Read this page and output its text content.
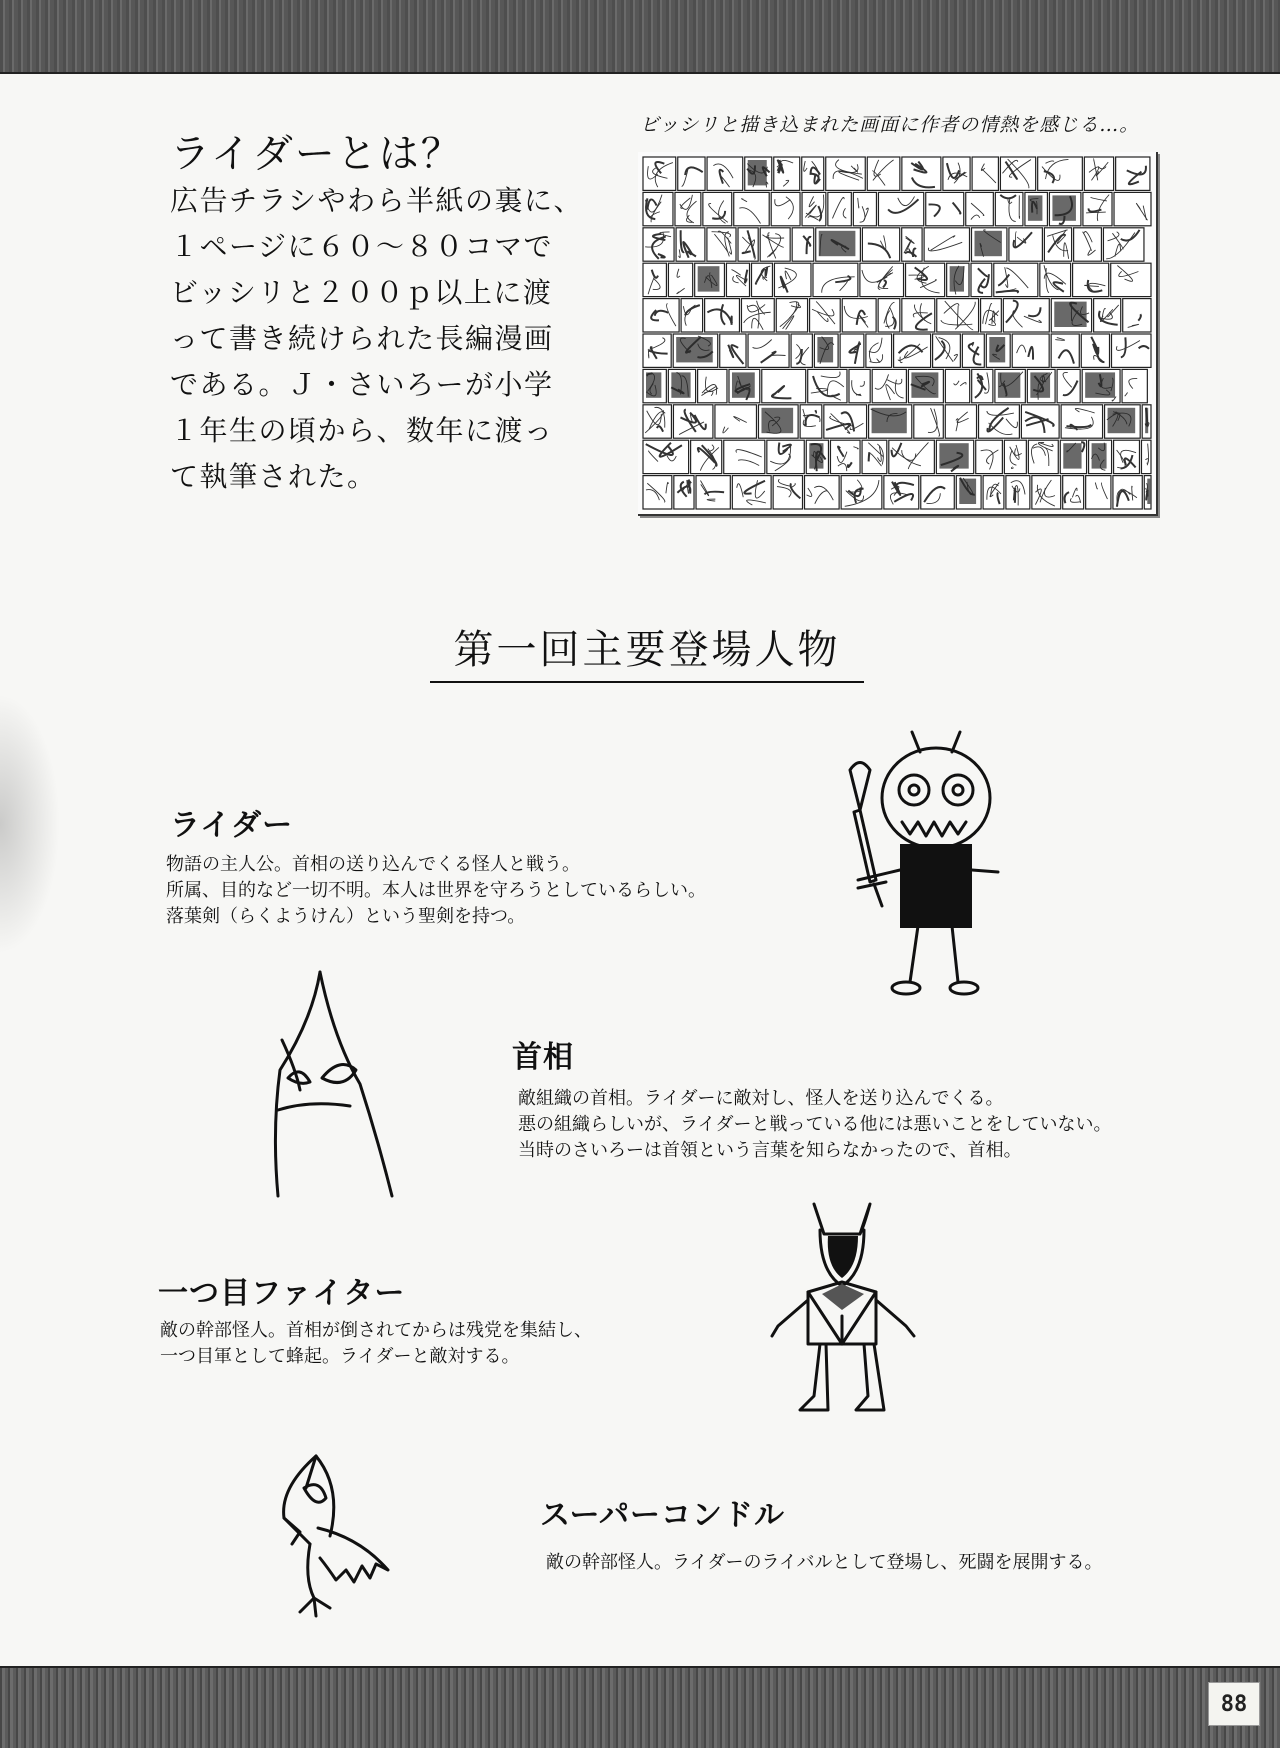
ライダーとは？
広告チラシやわら半紙の裏に、
１ページに６０〜８０コマで
ビッシリと２００ｐ以上に渡
って書き続けられた長編漫画
である。Ｊ・さいろーが小学
１年生の頃から、数年に渡っ
て執筆された。
ビッシリと描き込まれた画面に作者の情熱を感じる…。
第一回主要登場人物
ライダー
物語の主人公。首相の送り込んでくる怪人と戦う。
所属、目的など一切不明。本人は世界を守ろうとしているらしい。
落葉剣（らくようけん）という聖剣を持つ。
首相
敵組織の首相。ライダーに敵対し、怪人を送り込んでくる。
悪の組織らしいが、ライダーと戦っている他には悪いことをしていない。
当時のさいろーは首領という言葉を知らなかったので、首相。
一つ目ファイター
敵の幹部怪人。首相が倒されてからは残党を集結し、
一つ目軍として蜂起。ライダーと敵対する。
スーパーコンドル
敵の幹部怪人。ライダーのライバルとして登場し、死闘を展開する。
88
